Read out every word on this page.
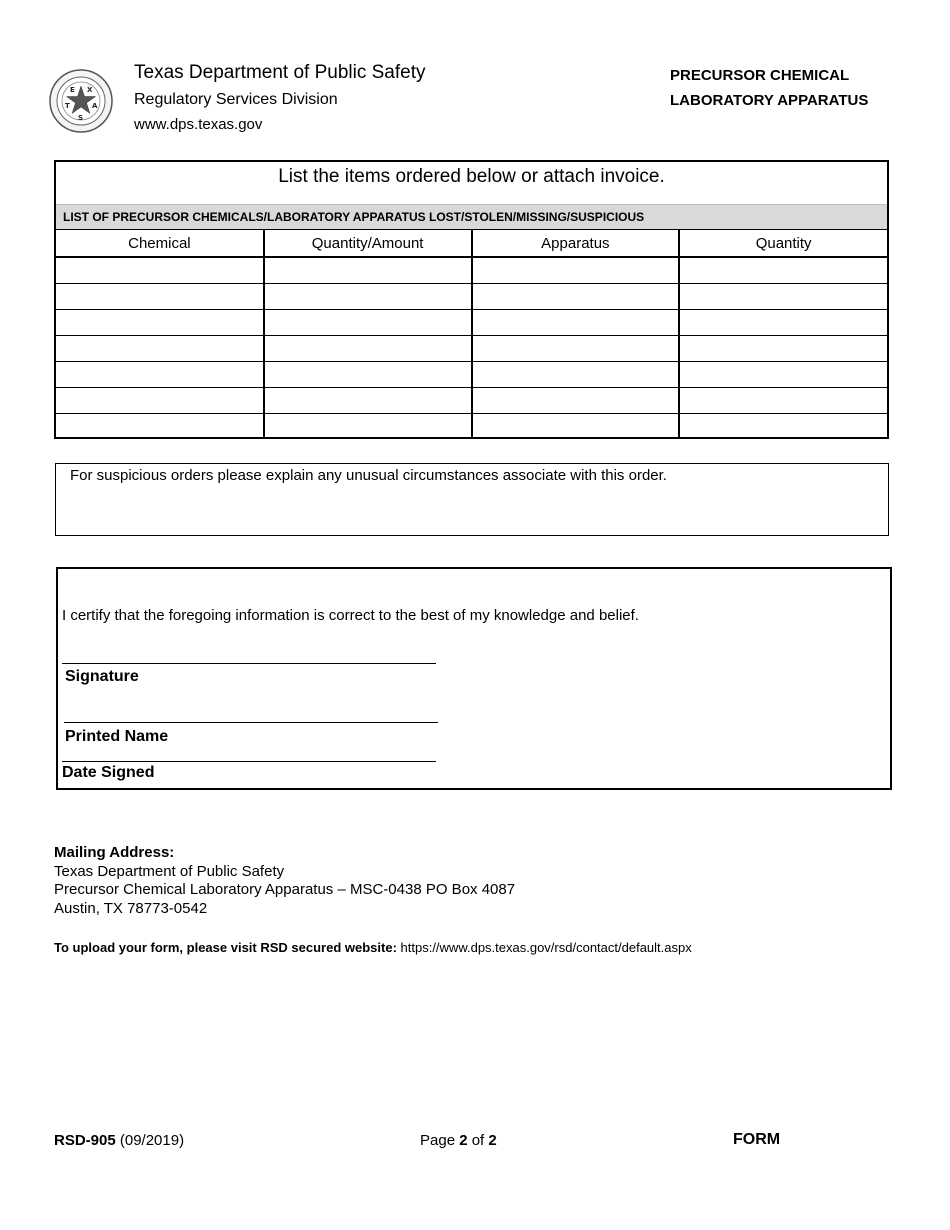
E X
T	A
S
Texas Department of Public Safety
Regulatory Services Division
www.dps.texas.gov
PRECURSOR CHEMICAL
LABORATORY APPARATUS
List the items ordered below or attach invoice.
LIST OF PRECURSOR CHEMICALS/LABORATORY APPARATUS LOST/STOLEN/MISSING/SUSPICIOUS
Chemical	Quantity/Amount	Apparatus	Quantity

For suspicious orders please explain any unusual circumstances associate with this order.
I certify that the foregoing information is correct to the best of my knowledge and belief.
Signature
Printed Name
Date Signed
Mailing Address:
Texas Department of Public Safety
Precursor Chemical Laboratory Apparatus – MSC-0438 PO Box 4087
Austin, TX 78773-0542
To upload your form, please visit RSD secured website: https://www.dps.texas.gov/rsd/contact/default.aspx
RSD-905 (09/2019)	Page 2 of 2	FORM
